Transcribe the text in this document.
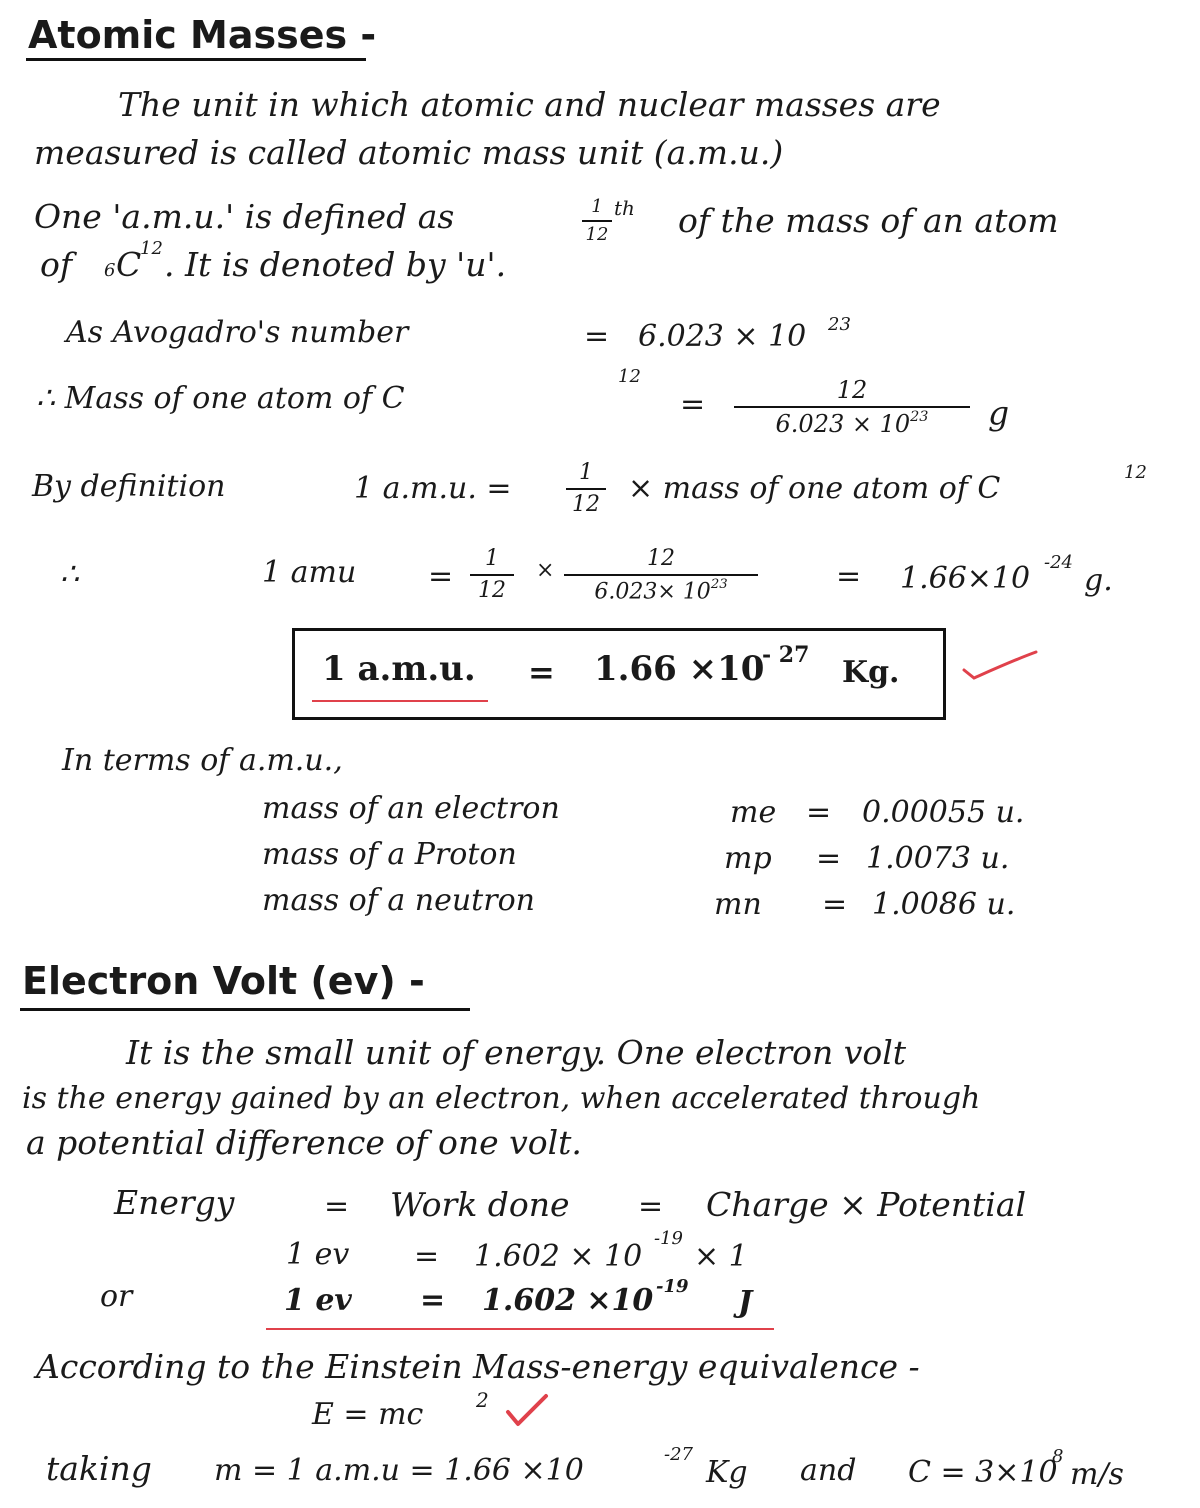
Atomic Masses -
The unit in which atomic and nuclear masses are
measured is called atomic mass unit (a.m.u.)
One 'a.m.u.' is defined as	1
12
th of the mass of an atom
of 6 C
12 . It is denoted by 'u'.
As Avogadro's number	= 6.023 × 10 23
∴ Mass of one atom of C
12
=	12
$6.023 \times 10^{23}$	g
By definition	1 a.m.u. =	1
12 × mass of one atom of C	12
∴	1 amu =
1
12
×	12
$6.023\times 10^{23}$	= 1.66×10 -24
g.
1 a.m.u. = 1.66 ×10
- 27 Kg.
In terms of a.m.u.,
mass of an electron	me = 0.00055 u.
mass of a Proton	mp = 1.0073 u.
mass of a neutron	mn = 1.0086 u.
Electron Volt (ev) -
It is the small unit of energy. One electron volt
is the energy gained by an electron, when accelerated through
a potential difference of one volt.
Energy	= Work done = Charge × Potential
1 ev = 1.602 × 10
-19
× 1
or	1 ev = 1.602 ×10 -19 J
According to the Einstein Mass-energy equivalence -
E = mc	2
taking m = 1 a.m.u = 1.66 ×10	-27
Kg and C = 3×10
8
m/s
